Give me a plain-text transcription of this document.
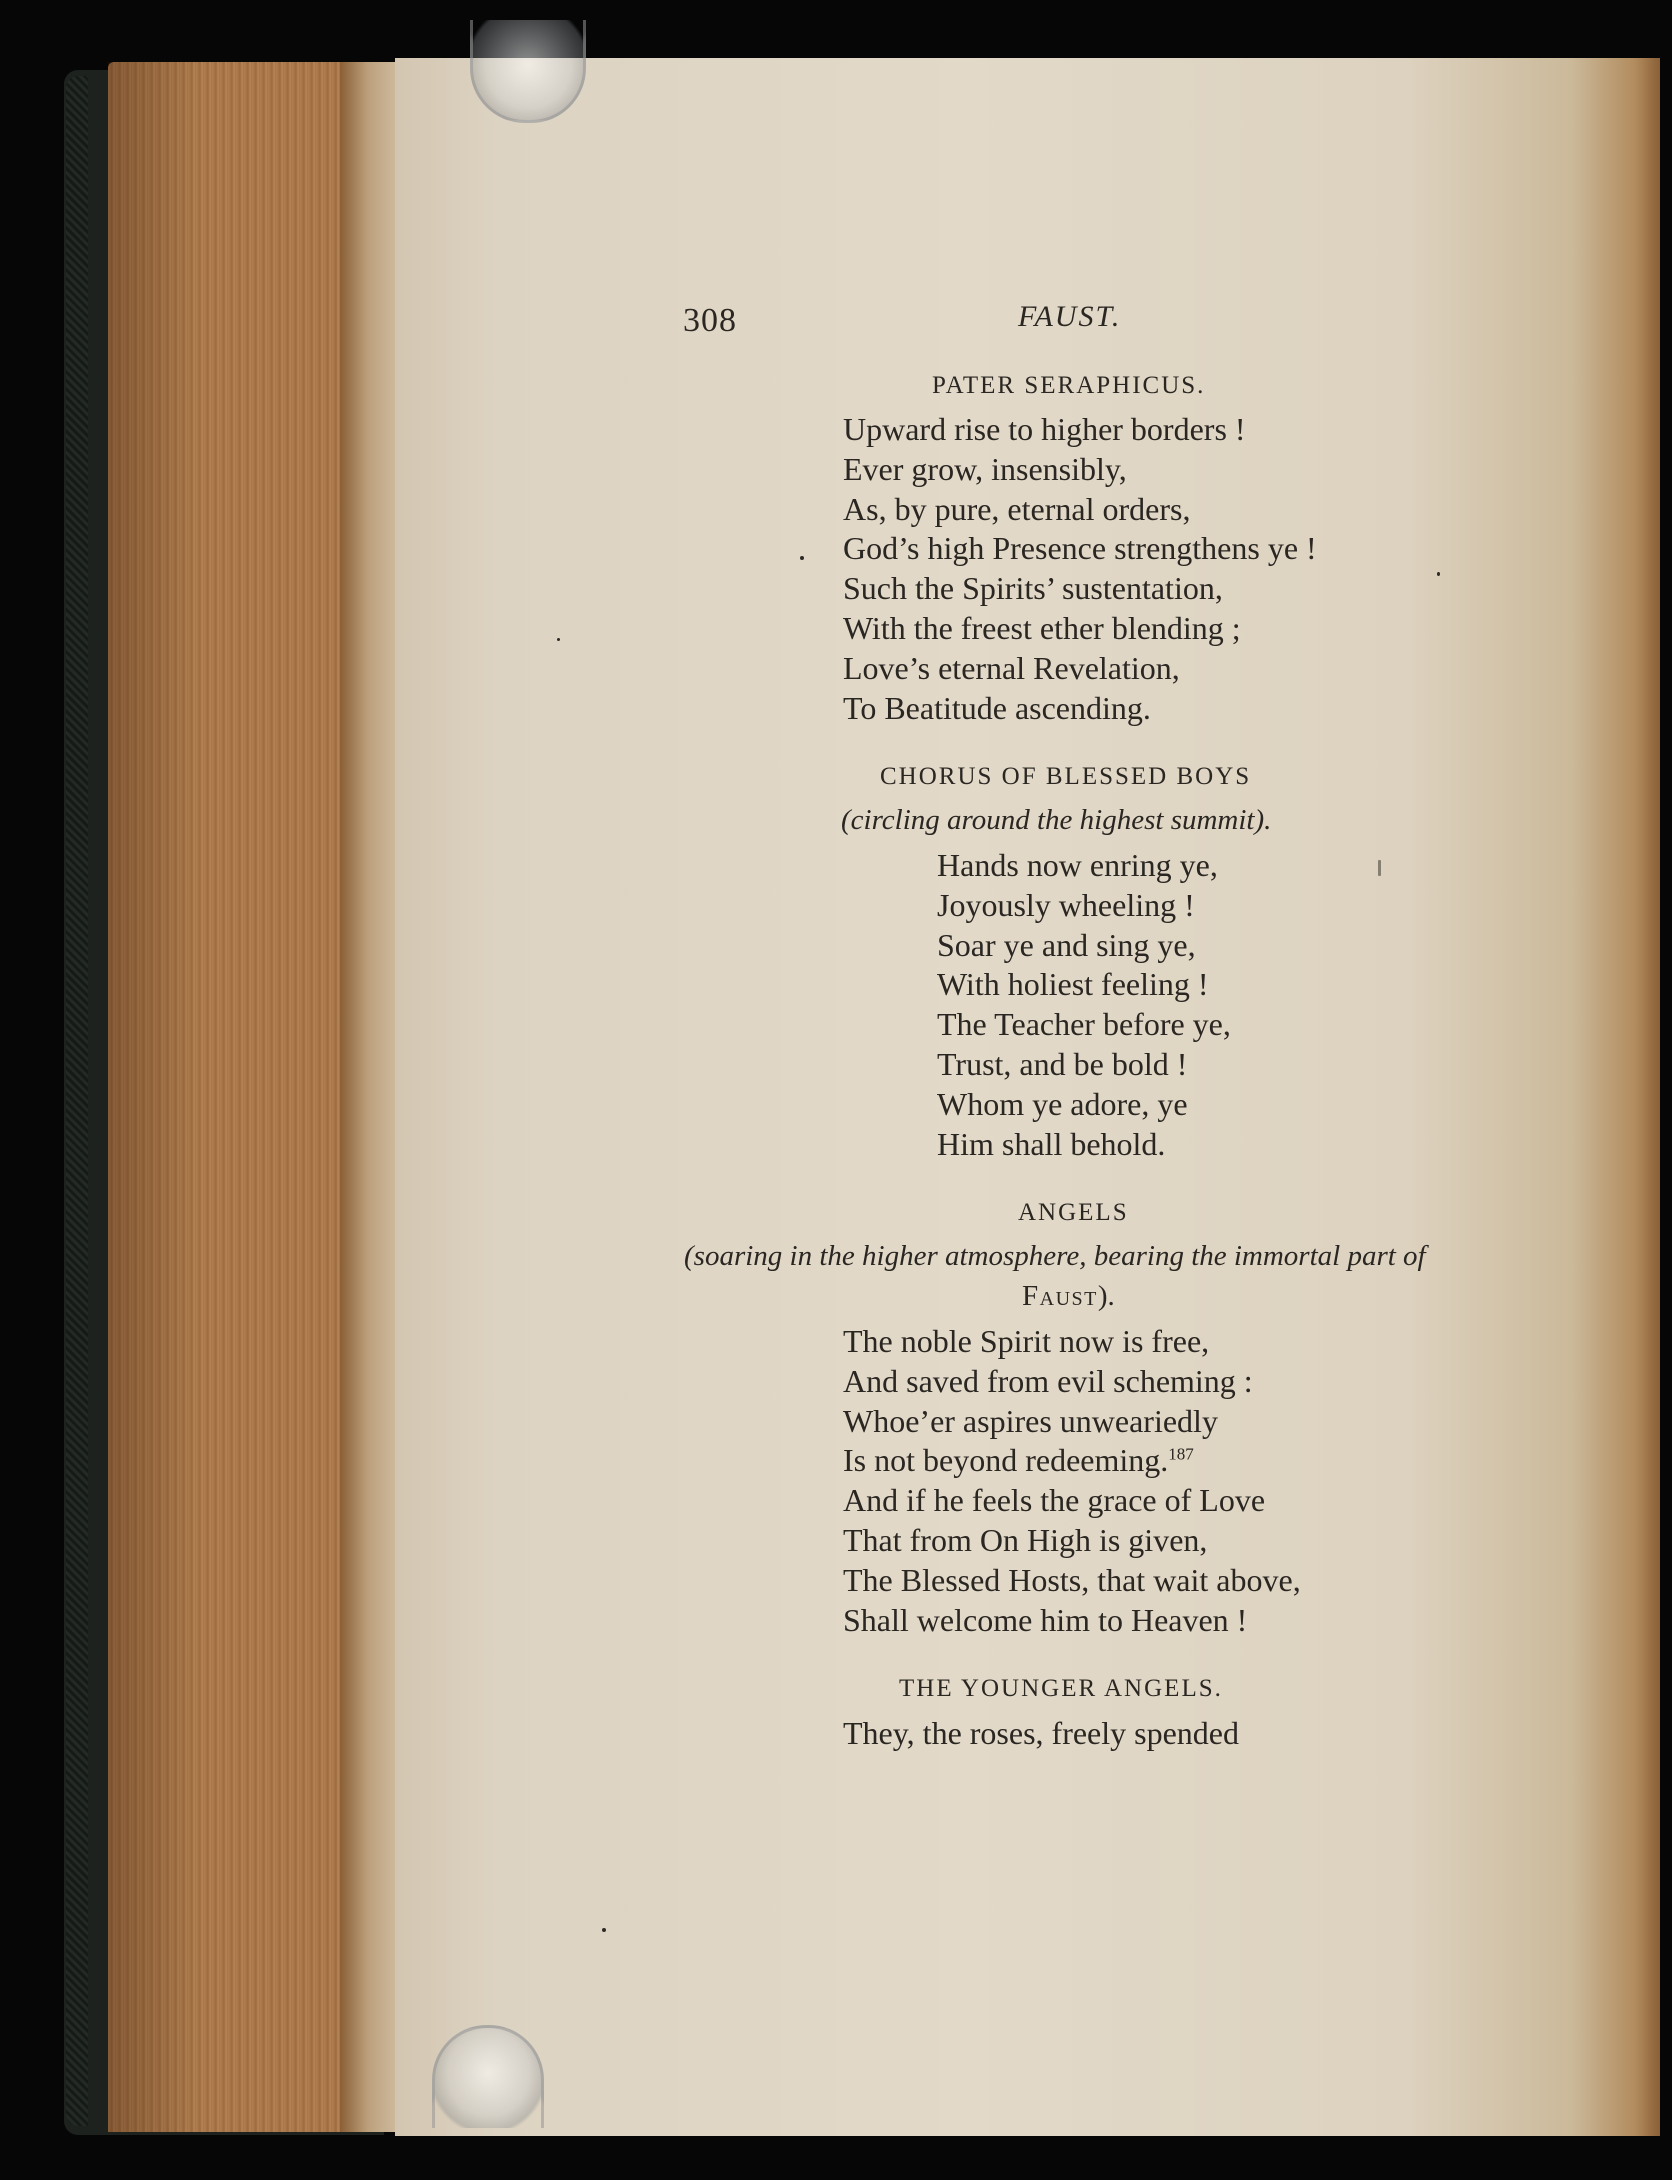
308	FAUST.
PATER SERAPHICUS.
Upward rise to higher borders !
Ever grow, insensibly,
As, by pure, eternal orders,
God’s high Presence strengthens ye !
Such the Spirits’ sustentation,
With the freest ether blending ;
Love’s eternal Revelation,
To Beatitude ascending.
CHORUS OF BLESSED BOYS
(circling around the highest summit).
Hands now enring ye,
Joyously wheeling !
Soar ye and sing ye,
With holiest feeling !
The Teacher before ye,
Trust, and be bold !
Whom ye adore, ye
Him shall behold.
ANGELS
(soaring in the higher atmosphere, bearing the immortal part of
Faust).
The noble Spirit now is free,
And saved from evil scheming :
Whoe’er aspires unweariedly
Is not beyond redeeming.$^{187}$
And if he feels the grace of Love
That from On High is given,
The Blessed Hosts, that wait above,
Shall welcome him to Heaven !
THE YOUNGER ANGELS.
They, the roses, freely spended
